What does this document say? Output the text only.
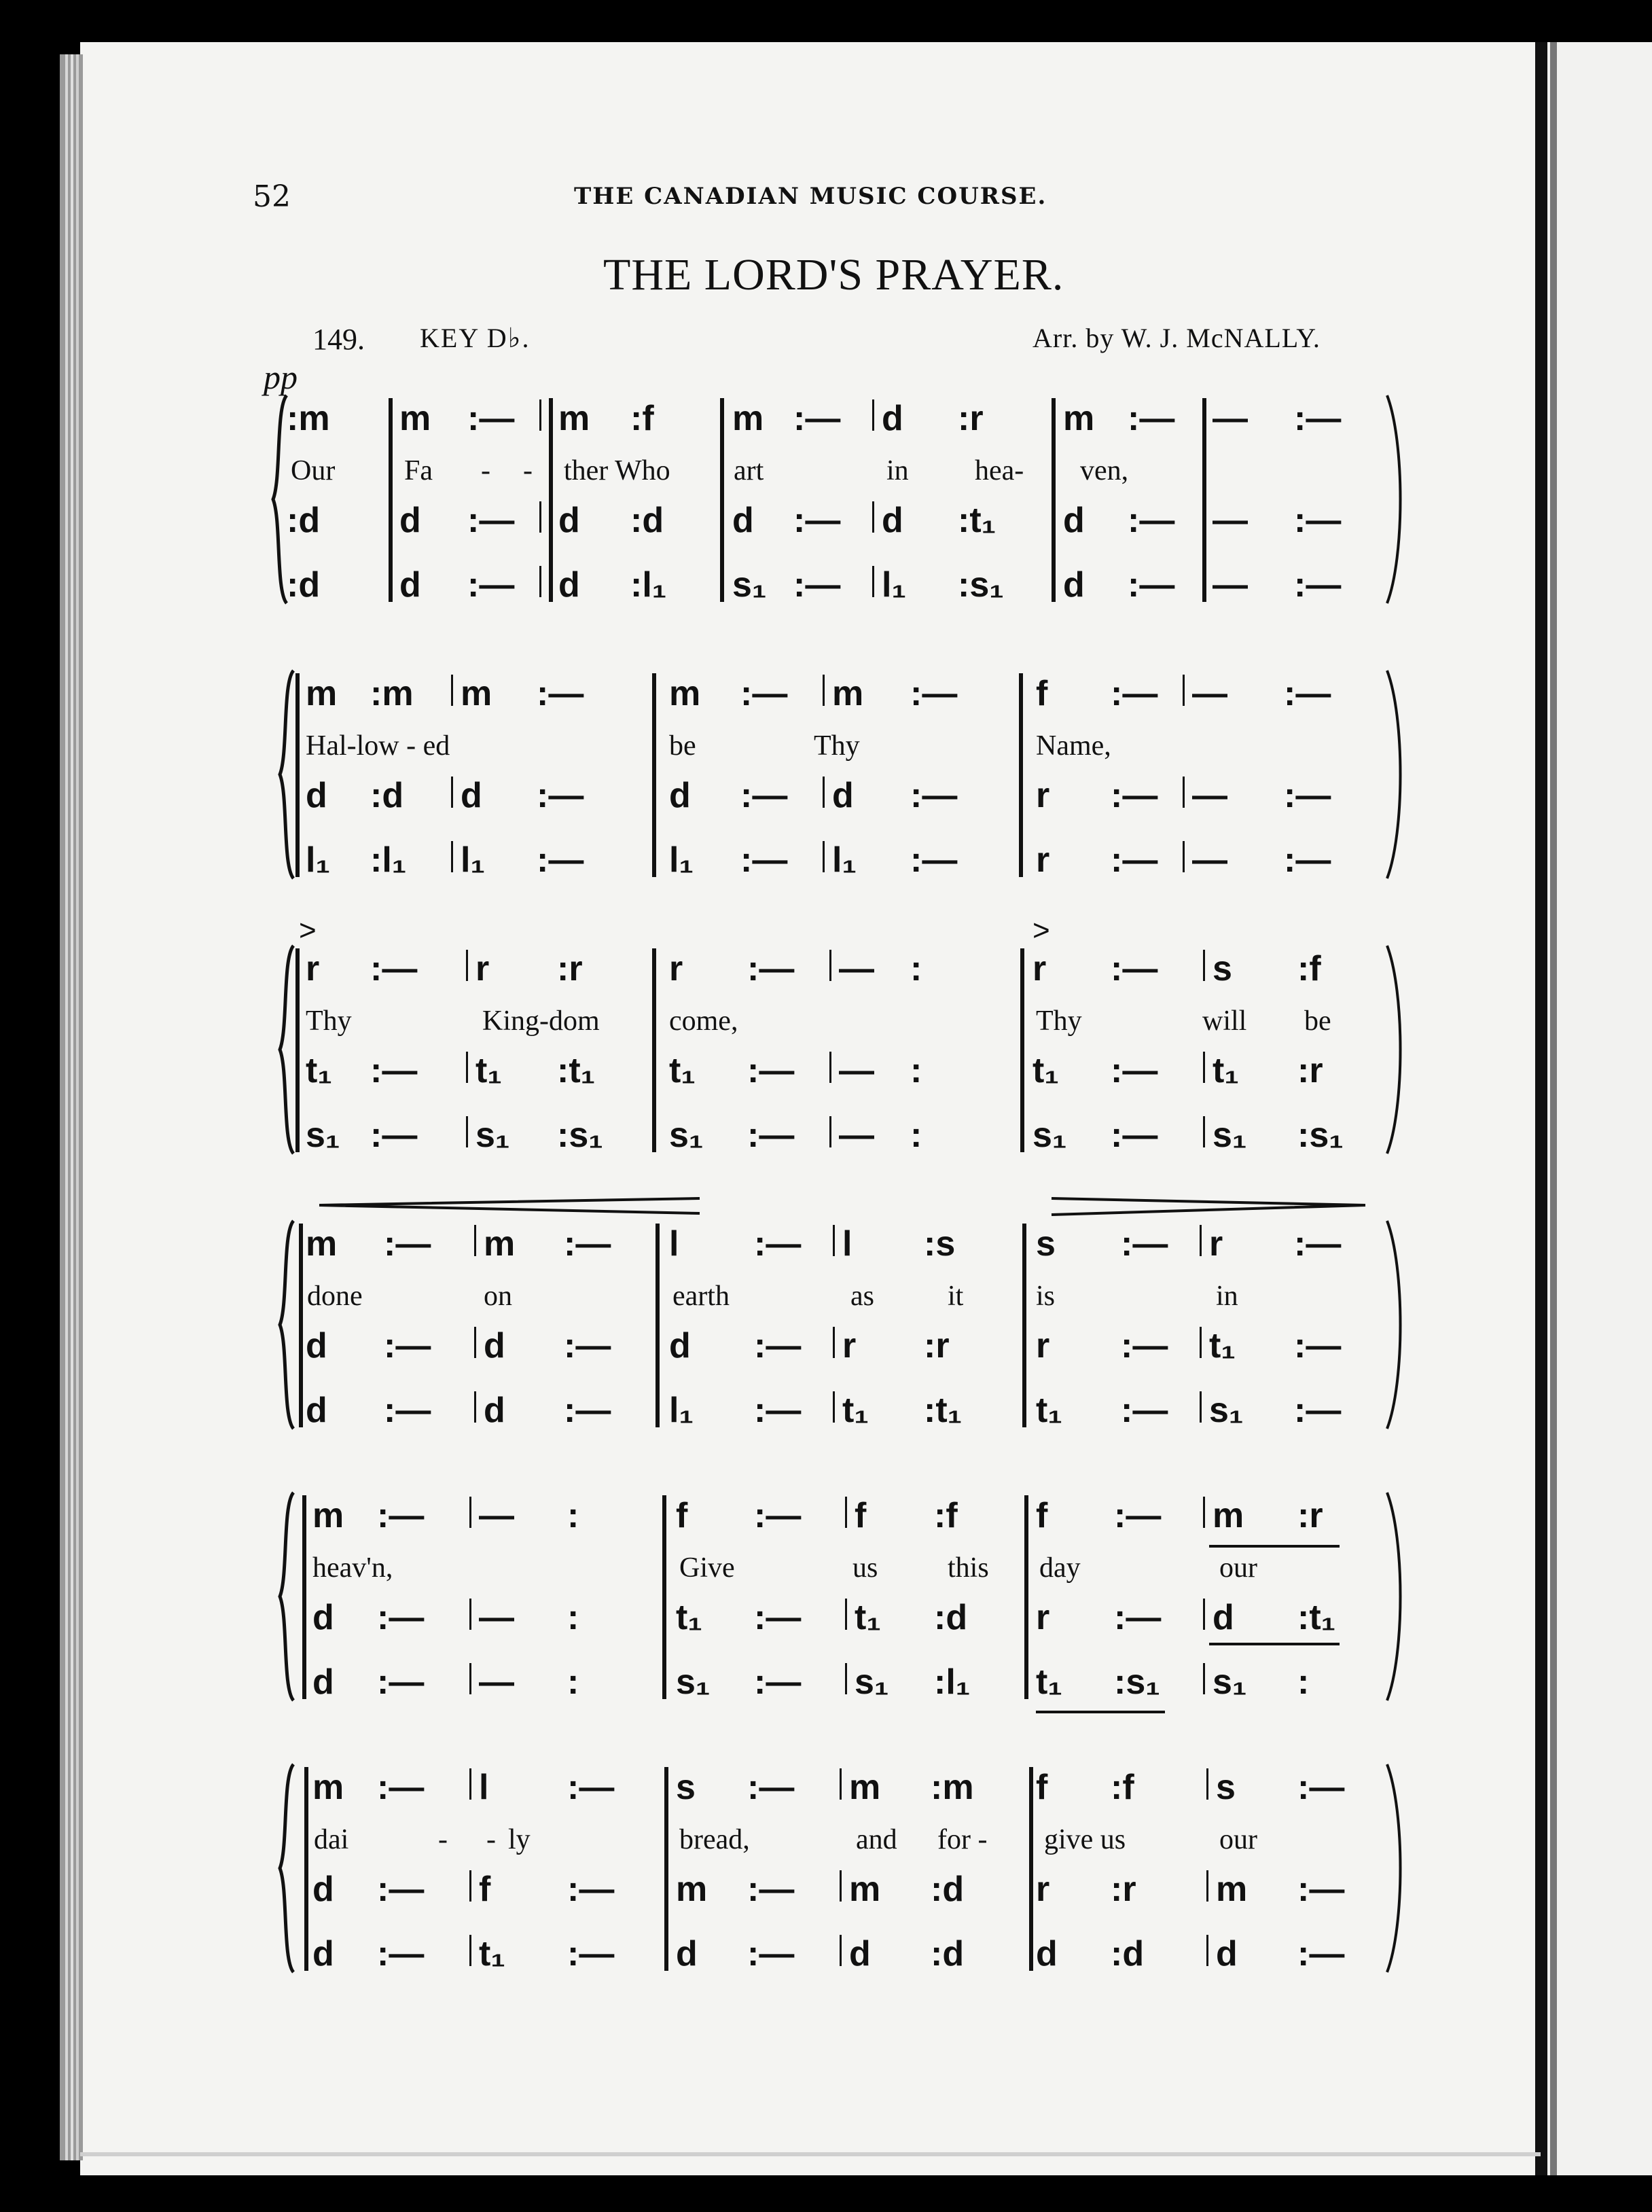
52	THE CANADIAN MUSIC COURSE.
THE LORD'S PRAYER.
149. KEY D♭.	Arr. by W. J. McNALLY.
pp
:m m :— m :f m :— d :r m :— — :—
:d d :— d :d d :— d :t₁ d :— — :—
:d d :— d :l₁ s₁ :— l₁ :s₁ d :— — :—
Our Fa - - ther Who art	in hea- ven,
m :m m :— m :— m :— f :— — :—
d :d d :— d :— d :— r :— — :—
l₁ :l₁ l₁ :— l₁ :— l₁ :— r :— — :—
Hal-low - ed	be	Thy	Name,
>	>
r :— r :r r :— — :	r :— s :f
t₁ :— t₁ :t₁ t₁ :— — :	t₁ :— t₁ :r
s₁ :— s₁ :s₁ s₁ :— — :	s₁ :— s₁ :s₁
Thy	King-dom come,	Thy	will be
m :— m :— l :— l :s s :— r :—
d :— d :— d :— r :r r :— t₁ :—
d :— d :— l₁ :— t₁ :t₁ t₁ :— s₁ :—
done	on	earth	as	it	is	in
m :— — :	f :— f :f f :— m :r
d :— — :	t₁ :— t₁ :d r :— d :t₁
d :— — :	s₁ :— s₁ :l₁ t₁ :s₁ s₁ :
heav'n,	Give	us this day	our
m :— l :— s :— m :m f :f s :—
d :— f :— m :— m :d r :r m :—
d :— t₁ :— d :— d :d d :d d :—
dai	- - ly	bread,	and for - give us	our
